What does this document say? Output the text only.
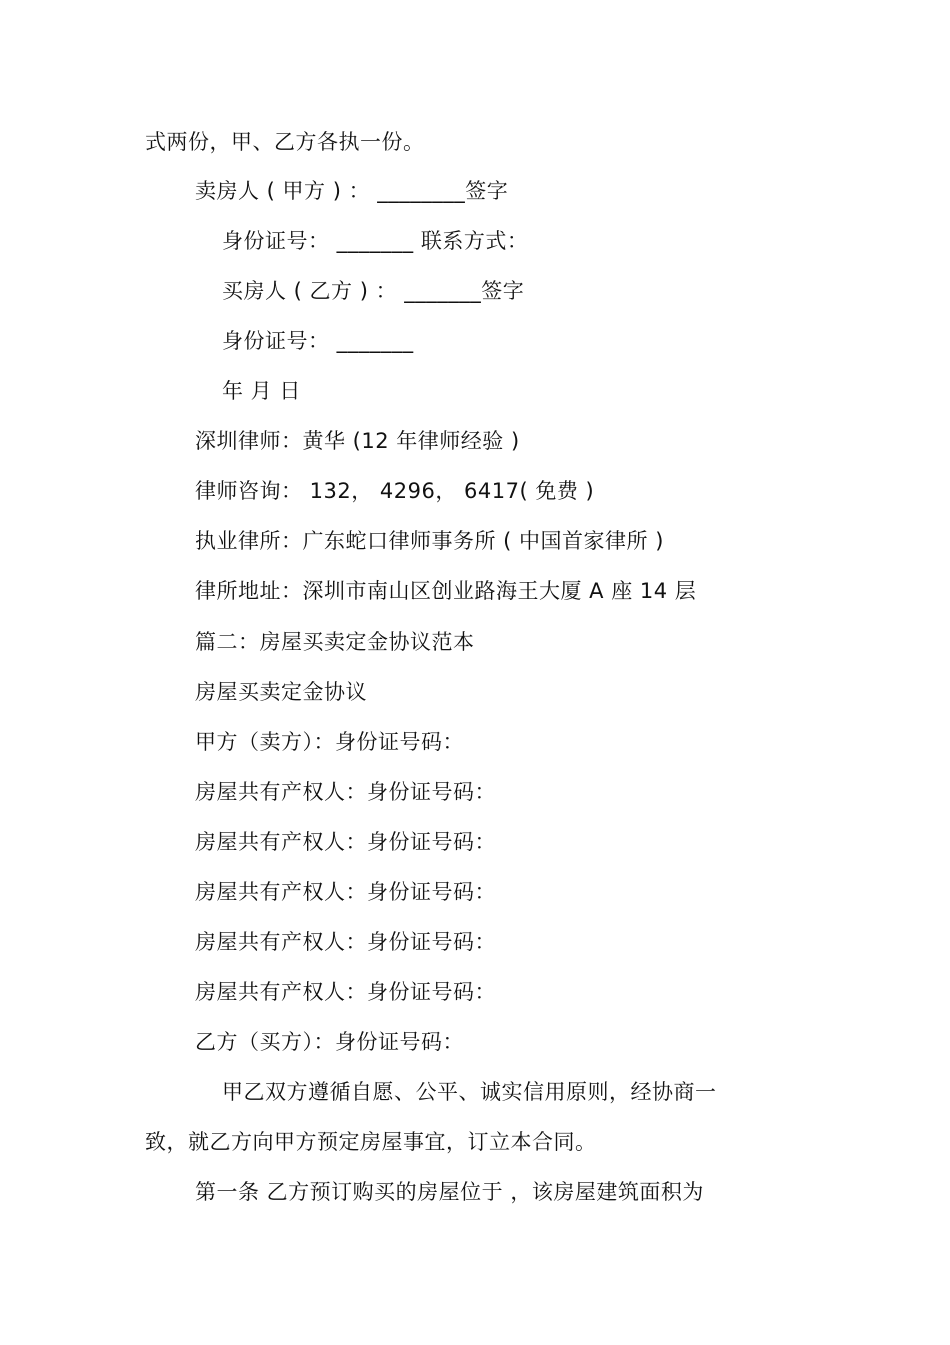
式两份，甲、乙方各执一份。
卖房人 ( 甲方 ) ： ________签字
身份证号： _______ 联系方式：
买房人 ( 乙方 ) ： _______签字
身份证号： _______
年 月 日
深圳律师：黄华 (12 年律师经验 )
律师咨询： 132， 4296， 6417( 免费 )
执业律所：广东蛇口律师事务所 ( 中国首家律所 )
律所地址：深圳市南山区创业路海王大厦 A 座 14 层
篇二：房屋买卖定金协议范本
房屋买卖定金协议
甲方（卖方）：身份证号码：
房屋共有产权人：身份证号码：
房屋共有产权人：身份证号码：
房屋共有产权人：身份证号码：
房屋共有产权人：身份证号码：
房屋共有产权人：身份证号码：
乙方（买方）：身份证号码：
甲乙双方遵循自愿、公平、诚实信用原则，经协商一
致，就乙方向甲方预定房屋事宜，订立本合同。
第一条 乙方预订购买的房屋位于 ，该房屋建筑面积为
